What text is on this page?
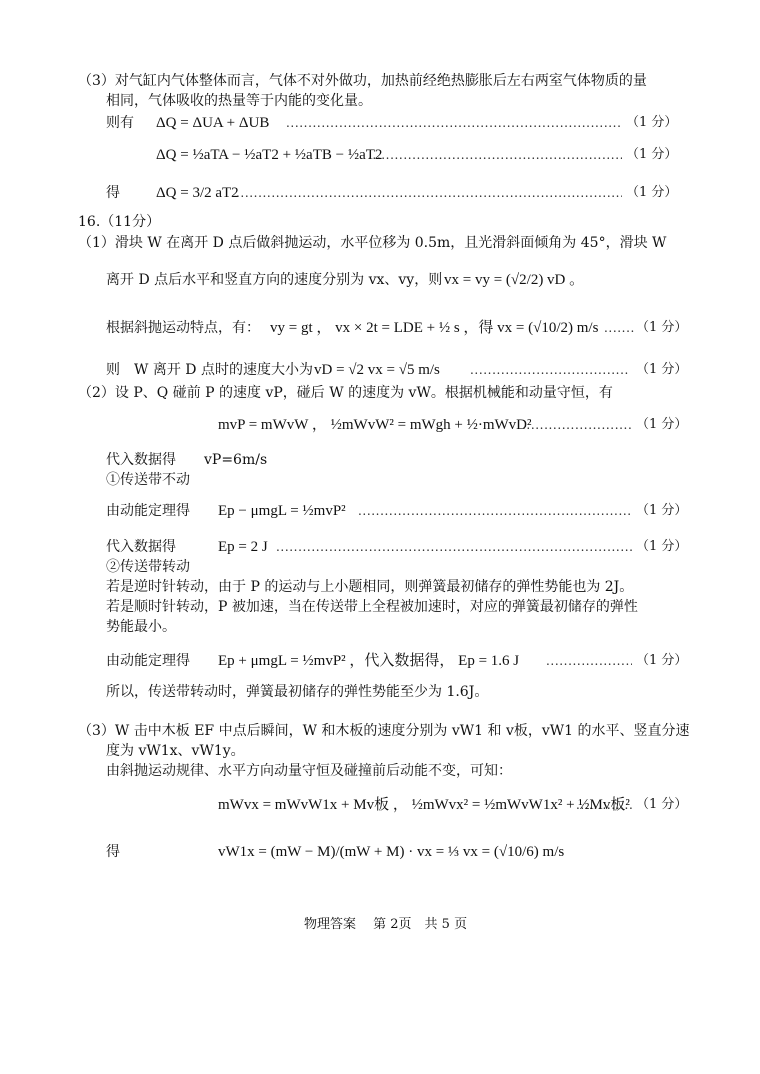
（3）对气缸内气体整体而言，气体不对外做功，加热前经绝热膨胀后左右两室气体物质的量
相同，气体吸收的热量等于内能的变化量。
则有 ΔQ = ΔUA + ΔUB .....	（1 分）
ΔQ = ½aTA − ½aT2 + ½aTB − ½aT2 .....	（1 分）
得 ΔQ = 3/2 aT2 .....	（1 分）
16.（11分）
（1）滑块 W 在离开 D 点后做斜抛运动，水平位移为 0.5m，且光滑斜面倾角为 45°，滑块 W
离开 D 点后水平和竖直方向的速度分别为 vx、vy，则 vx = vy = (√2/2) vD 。
根据斜抛运动特点，有： vy = gt ， vx × 2t = LDE + ½ s ，得 vx = (√10/2) m/s .....	（1 分）
则　W 离开 D 点时的速度大小为 vD = √2 vx = √5 m/s .....	（1 分）
（2）设 P、Q 碰前 P 的速度 vP，碰后 W 的速度为 vW。根据机械能和动量守恒，有
mvP = mWvW ， ½mWvW² = mWgh + ½·mWvD² .....	（1 分）
代入数据得　　vP=6m/s
①传送带不动
由动能定理得 Ep − μmgL = ½mvP² .....	（1 分）
代入数据得	Ep = 2 J .....	（1 分）
②传送带转动
若是逆时针转动，由于 P 的运动与上小题相同，则弹簧最初储存的弹性势能也为 2J。
若是顺时针转动，P 被加速，当在传送带上全程被加速时，对应的弹簧最初储存的弹性
势能最小。
由动能定理得 Ep + μmgL = ½mvP² ，代入数据得， Ep = 1.6 J .....	（1 分）
所以，传送带转动时，弹簧最初储存的弹性势能至少为 1.6J。
（3）W 击中木板 EF 中点后瞬间，W 和木板的速度分别为 vW1 和 v板，vW1 的水平、竖直分速
度为 vW1x、vW1y。
由斜抛运动规律、水平方向动量守恒及碰撞前后动能不变，可知：
mWvx = mWvW1x + Mv板 ， ½mWvx² = ½mWvW1x² + ½Mv板² ..... （1 分）
得	vW1x = (mW − M)/(mW + M) · vx = ⅓ vx = (√10/6) m/s
物理答案　 第 2页　共 5 页
